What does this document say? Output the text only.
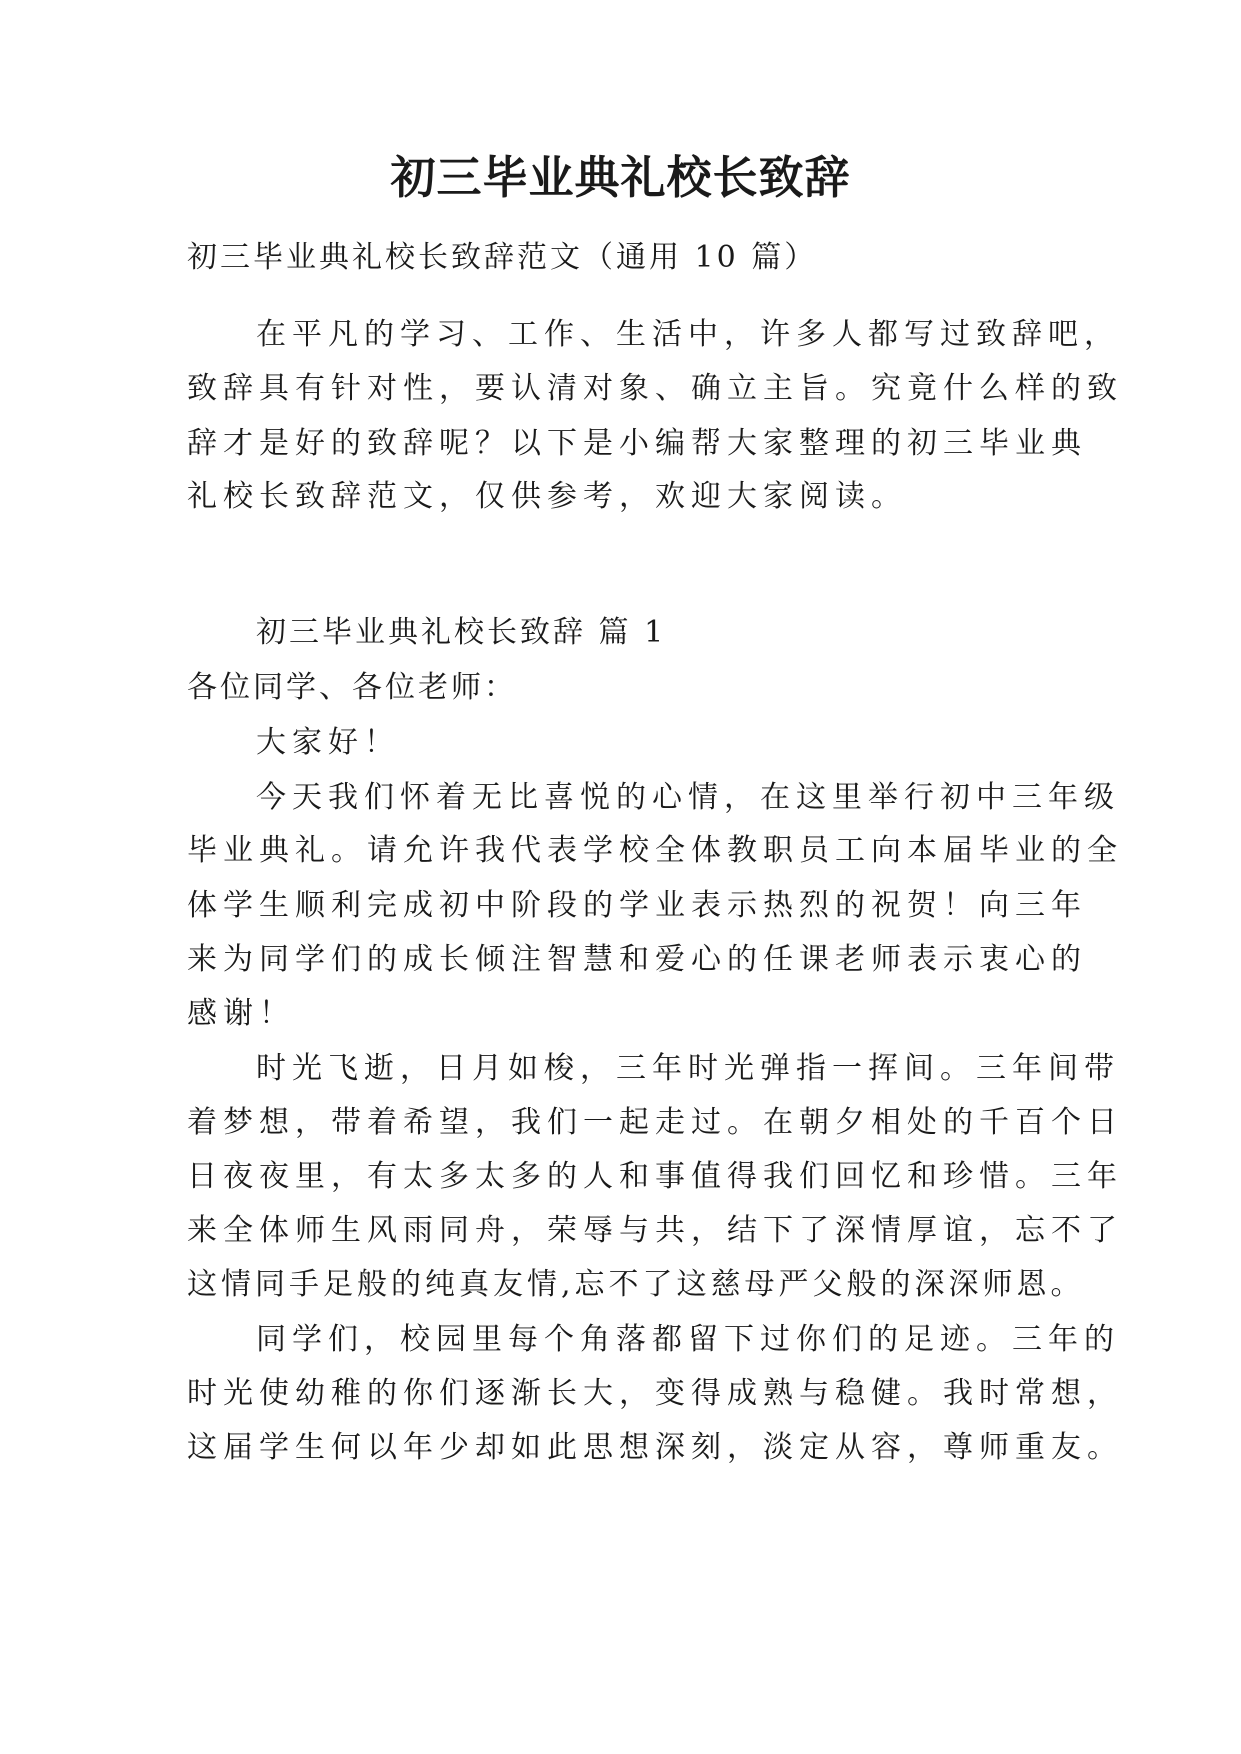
初三毕业典礼校长致辞
初三毕业典礼校长致辞范文（通用 10 篇）
在平凡的学习、工作、生活中，许多人都写过致辞吧，
致辞具有针对性，要认清对象、确立主旨。究竟什么样的致
辞才是好的致辞呢？以下是小编帮大家整理的初三毕业典
礼校长致辞范文，仅供参考，欢迎大家阅读。
初三毕业典礼校长致辞 篇 1
各位同学、各位老师：
大家好！
今天我们怀着无比喜悦的心情，在这里举行初中三年级
毕业典礼。请允许我代表学校全体教职员工向本届毕业的全
体学生顺利完成初中阶段的学业表示热烈的祝贺！向三年
来为同学们的成长倾注智慧和爱心的任课老师表示衷心的
感谢！
时光飞逝，日月如梭，三年时光弹指一挥间。三年间带
着梦想，带着希望，我们一起走过。在朝夕相处的千百个日
日夜夜里，有太多太多的人和事值得我们回忆和珍惜。三年
来全体师生风雨同舟，荣辱与共，结下了深情厚谊，忘不了
这情同手足般的纯真友情,忘不了这慈母严父般的深深师恩。
同学们，校园里每个角落都留下过你们的足迹。三年的
时光使幼稚的你们逐渐长大，变得成熟与稳健。我时常想，
这届学生何以年少却如此思想深刻，淡定从容，尊师重友。
